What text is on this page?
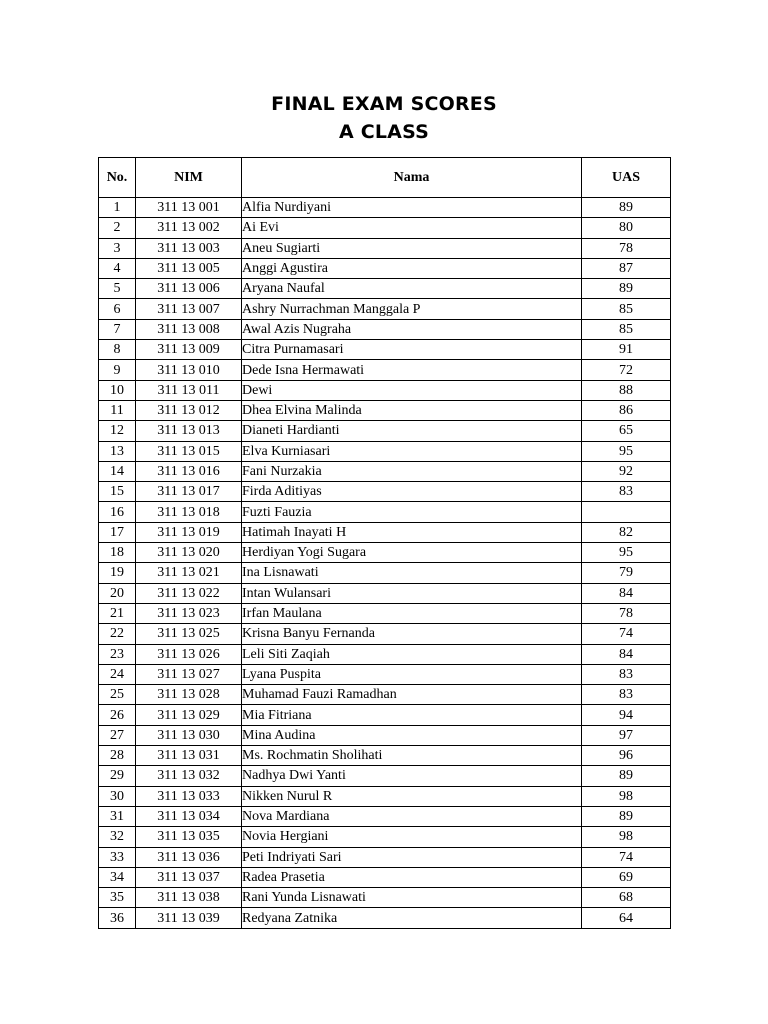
FINAL EXAM SCORES
A CLASS
No.	NIM	Nama	UAS
1	311 13 001	Alfia Nurdiyani	89
2	311 13 002	Ai Evi	80
3	311 13 003	Aneu Sugiarti	78
4	311 13 005	Anggi Agustira	87
5	311 13 006	Aryana Naufal	89
6	311 13 007	Ashry Nurrachman Manggala P	85
7	311 13 008	Awal Azis Nugraha	85
8	311 13 009	Citra Purnamasari	91
9	311 13 010	Dede Isna Hermawati	72
10	311 13 011	Dewi	88
11	311 13 012	Dhea Elvina Malinda	86
12	311 13 013	Dianeti Hardianti	65
13	311 13 015	Elva Kurniasari	95
14	311 13 016	Fani Nurzakia	92
15	311 13 017	Firda Aditiyas	83
16	311 13 018	Fuzti Fauzia	
17	311 13 019	Hatimah Inayati H	82
18	311 13 020	Herdiyan Yogi Sugara	95
19	311 13 021	Ina Lisnawati	79
20	311 13 022	Intan Wulansari	84
21	311 13 023	Irfan Maulana	78
22	311 13 025	Krisna Banyu Fernanda	74
23	311 13 026	Leli Siti Zaqiah	84
24	311 13 027	Lyana Puspita	83
25	311 13 028	Muhamad Fauzi Ramadhan	83
26	311 13 029	Mia Fitriana	94
27	311 13 030	Mina Audina	97
28	311 13 031	Ms. Rochmatin Sholihati	96
29	311 13 032	Nadhya Dwi Yanti	89
30	311 13 033	Nikken Nurul R	98
31	311 13 034	Nova Mardiana	89
32	311 13 035	Novia Hergiani	98
33	311 13 036	Peti Indriyati Sari	74
34	311 13 037	Radea Prasetia	69
35	311 13 038	Rani Yunda Lisnawati	68
36	311 13 039	Redyana Zatnika	64
